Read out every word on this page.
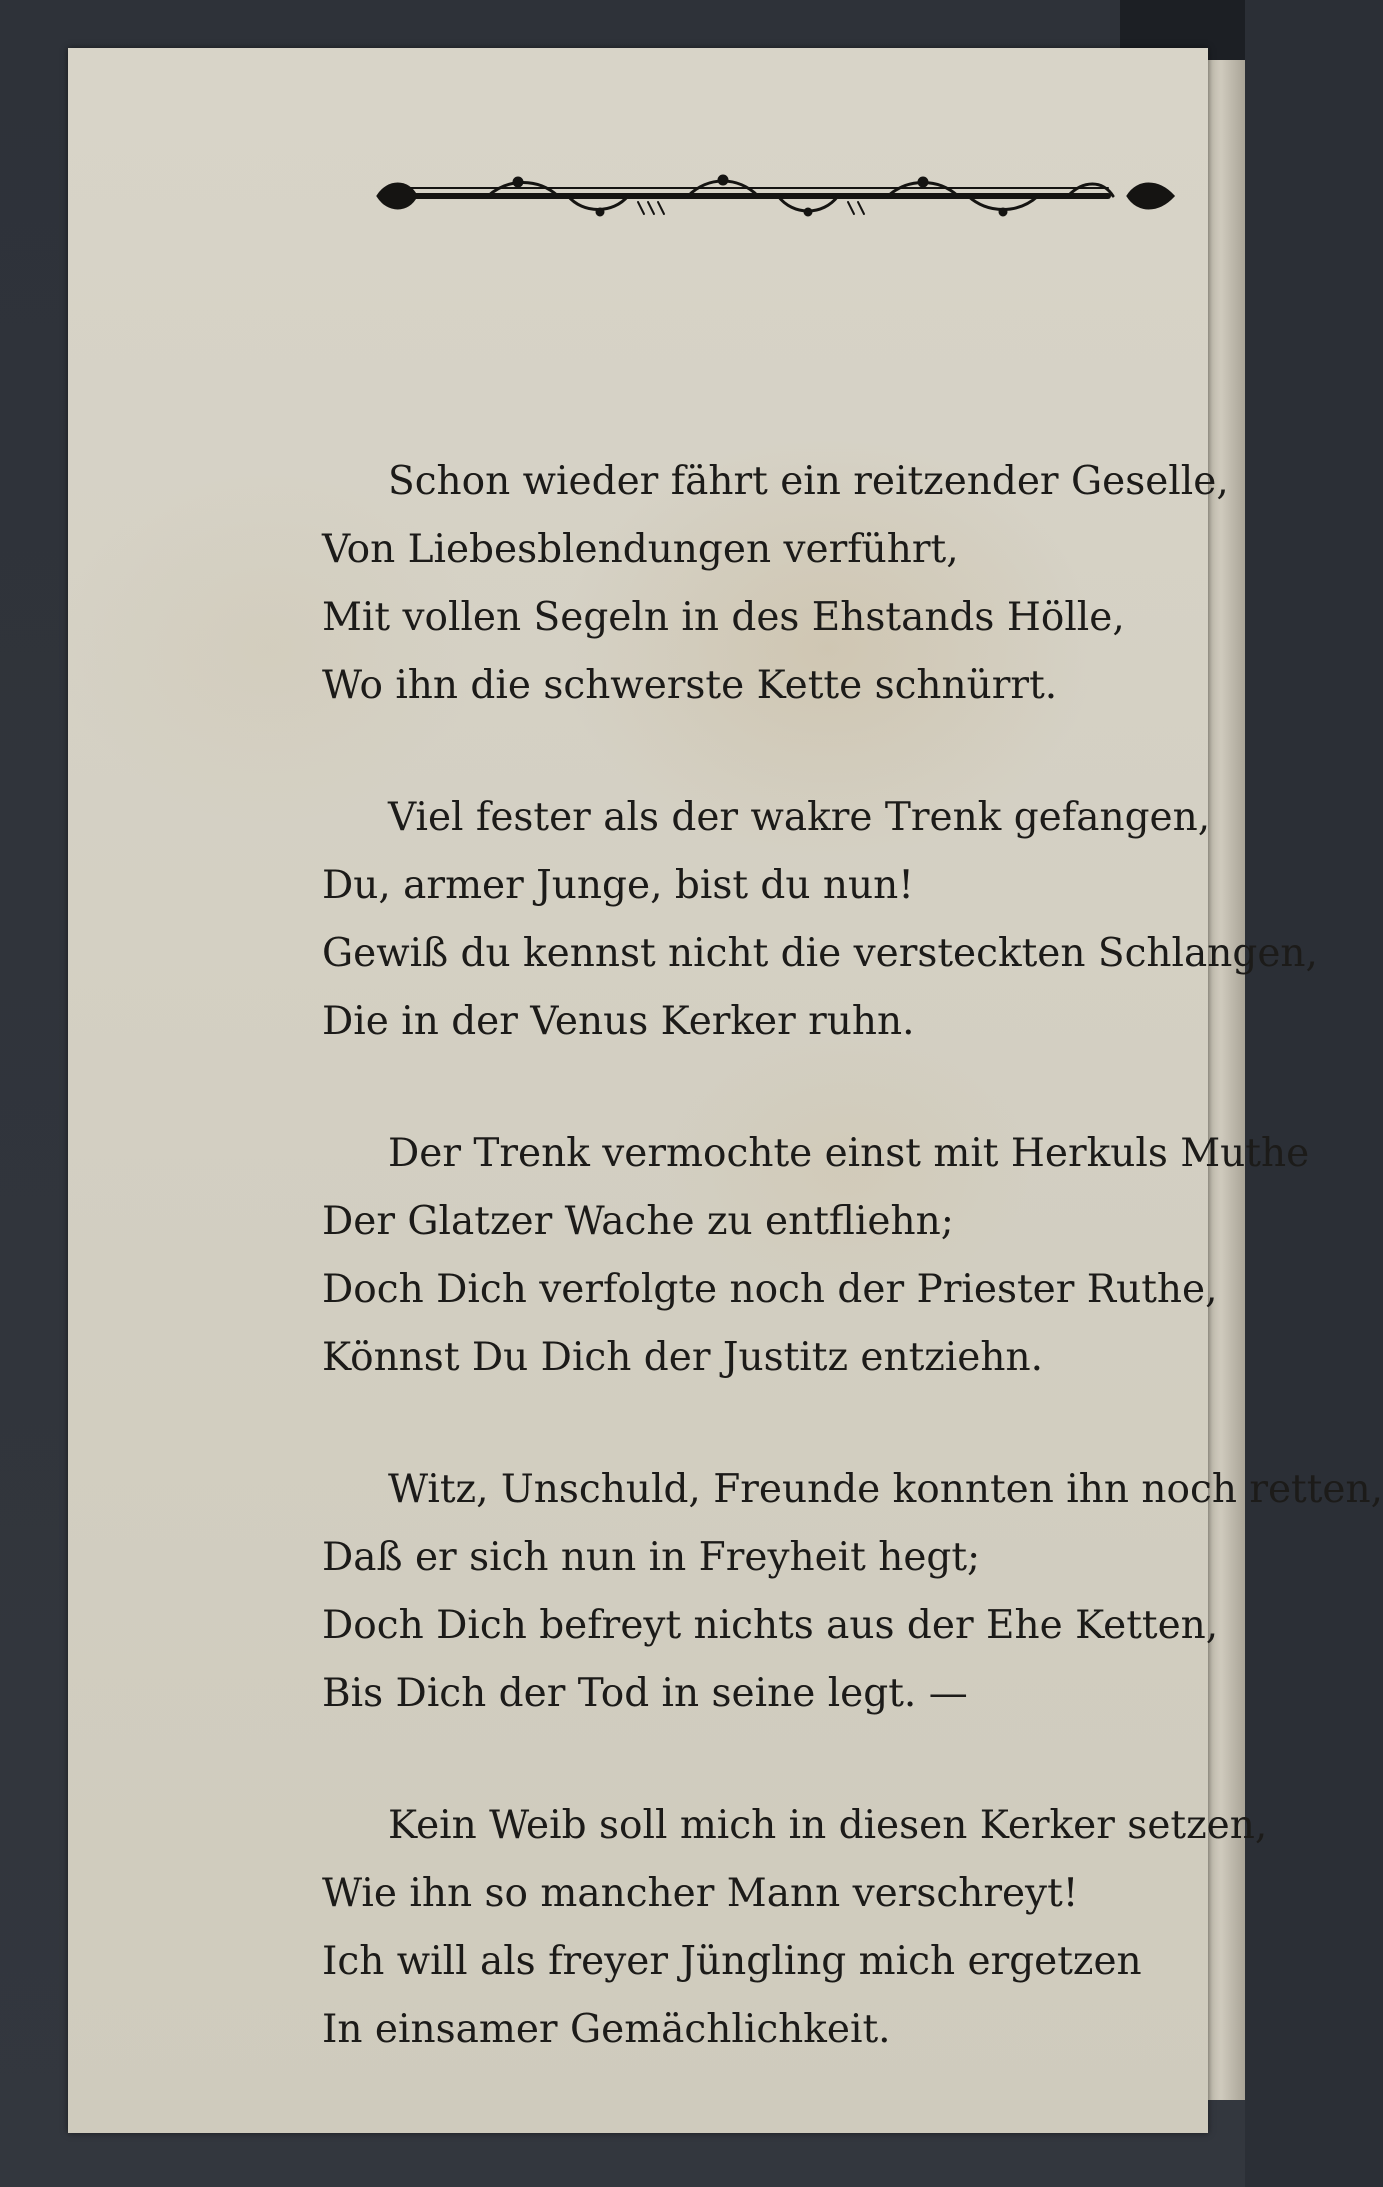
Schon wieder fährt ein reitzender Geselle,
Von Liebesblendungen verführt,
Mit vollen Segeln in des Ehstands Hölle,
Wo ihn die schwerste Kette schnürrt.
Viel fester als der wakre Trenk gefangen,
Du, armer Junge, bist du nun!
Gewiß du kennst nicht die versteckten Schlangen,
Die in der Venus Kerker ruhn.
Der Trenk vermochte einst mit Herkuls Muthe
Der Glatzer Wache zu entfliehn;
Doch Dich verfolgte noch der Priester Ruthe,
Könnst Du Dich der Justitz entziehn.
Witz, Unschuld, Freunde konnten ihn noch retten,
Daß er sich nun in Freyheit hegt;
Doch Dich befreyt nichts aus der Ehe Ketten,
Bis Dich der Tod in seine legt. —
Kein Weib soll mich in diesen Kerker setzen,
Wie ihn so mancher Mann verschreyt!
Ich will als freyer Jüngling mich ergetzen
In einsamer Gemächlichkeit.
